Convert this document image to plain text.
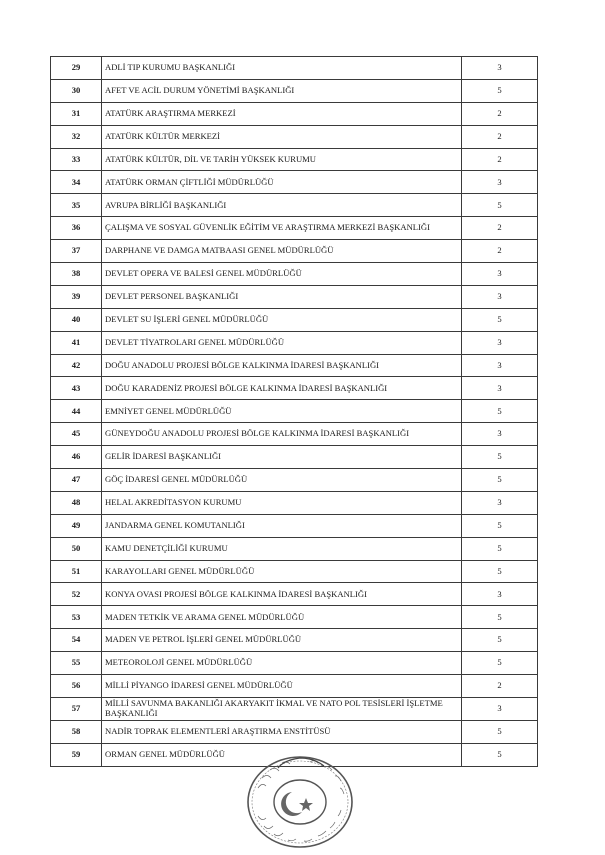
29	ADLİ TIP KURUMU BAŞKANLIĞI	3
30	AFET VE ACİL DURUM YÖNETİMİ BAŞKANLIĞI	5
31	ATATÜRK ARAŞTIRMA MERKEZİ	2
32	ATATÜRK KÜLTÜR MERKEZİ	2
33	ATATÜRK KÜLTÜR, DİL VE TARİH YÜKSEK KURUMU	2
34	ATATÜRK ORMAN ÇİFTLİĞİ MÜDÜRLÜĞÜ	3
35	AVRUPA BİRLİĞİ BAŞKANLIĞI	5
36	ÇALIŞMA VE SOSYAL GÜVENLİK EĞİTİM VE ARAŞTIRMA MERKEZİ BAŞKANLIĞI	2
37	DARPHANE VE DAMGA MATBAASI GENEL MÜDÜRLÜĞÜ	2
38	DEVLET OPERA VE BALESİ GENEL MÜDÜRLÜĞÜ	3
39	DEVLET PERSONEL BAŞKANLIĞI	3
40	DEVLET SU İŞLERİ GENEL MÜDÜRLÜĞÜ	5
41	DEVLET TİYATROLARI GENEL MÜDÜRLÜĞÜ	3
42	DOĞU ANADOLU PROJESİ BÖLGE KALKINMA İDARESİ BAŞKANLIĞI	3
43	DOĞU KARADENİZ PROJESİ BÖLGE KALKINMA İDARESİ BAŞKANLIĞI	3
44	EMNİYET GENEL MÜDÜRLÜĞÜ	5
45	GÜNEYDOĞU ANADOLU PROJESİ BÖLGE KALKINMA İDARESİ BAŞKANLIĞI	3
46	GELİR İDARESİ BAŞKANLIĞI	5
47	GÖÇ İDARESİ GENEL MÜDÜRLÜĞÜ	5
48	HELAL AKREDİTASYON KURUMU	3
49	JANDARMA GENEL KOMUTANLIĞI	5
50	KAMU DENETÇİLİĞİ KURUMU	5
51	KARAYOLLARI GENEL MÜDÜRLÜĞÜ	5
52	KONYA OVASI PROJESİ BÖLGE KALKINMA İDARESİ BAŞKANLIĞI	3
53	MADEN TETKİK VE ARAMA GENEL MÜDÜRLÜĞÜ	5
54	MADEN VE PETROL İŞLERİ GENEL MÜDÜRLÜĞÜ	5
55	METEOROLOJİ GENEL MÜDÜRLÜĞÜ	5
56	MİLLİ PİYANGO İDARESİ GENEL MÜDÜRLÜĞÜ	2
57	MİLLİ SAVUNMA BAKANLIĞI AKARYAKIT İKMAL VE NATO POL TESİSLERİ İŞLETME BAŞKANLIĞI	3
58	NADİR TOPRAK ELEMENTLERİ ARAŞTIRMA ENSTİTÜSÜ	5
59	ORMAN GENEL MÜDÜRLÜĞÜ	5
